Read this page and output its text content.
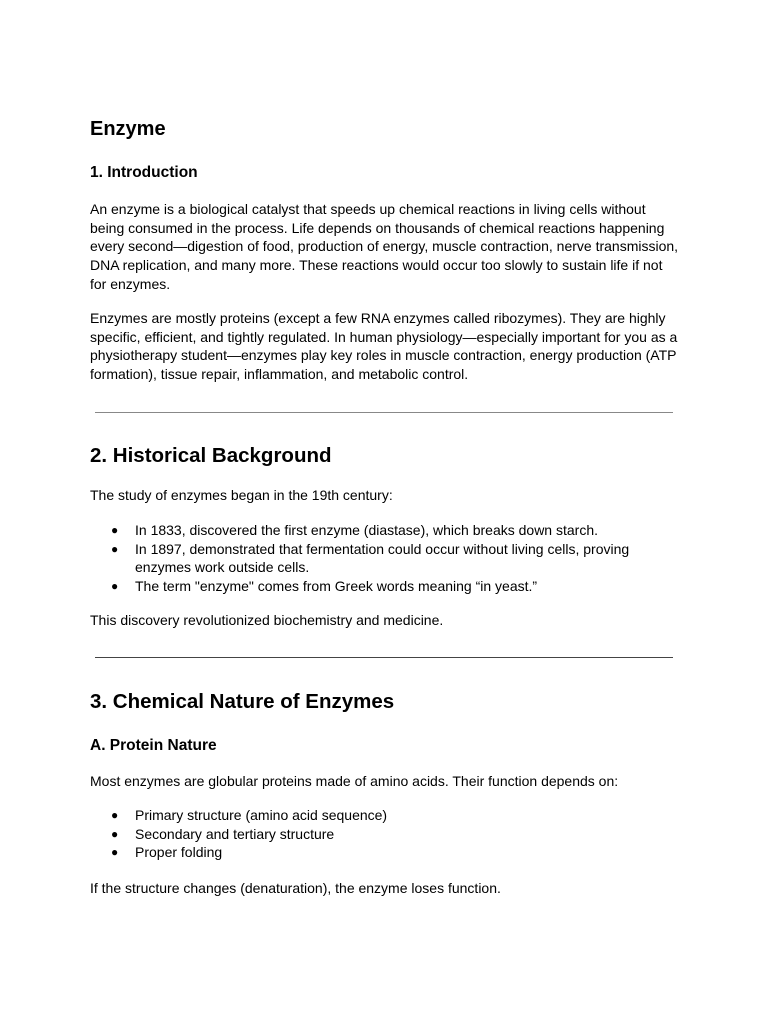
Enzyme
1. Introduction

An enzyme is a biological catalyst that speeds up chemical reactions in living cells without being consumed in the process. Life depends on thousands of chemical reactions happening every second—digestion of food, production of energy, muscle contraction, nerve transmission, DNA replication, and many more. These reactions would occur too slowly to sustain life if not for enzymes.

Enzymes are mostly proteins (except a few RNA enzymes called ribozymes). They are highly specific, efficient, and tightly regulated. In human physiology—especially important for you as a physiotherapy student—enzymes play key roles in muscle contraction, energy production (ATP formation), tissue repair, inflammation, and metabolic control.

2. Historical Background

The study of enzymes began in the 19th century:

● In 1833, discovered the first enzyme (diastase), which breaks down starch.
● In 1897, demonstrated that fermentation could occur without living cells, proving enzymes work outside cells.
● The term "enzyme" comes from Greek words meaning “in yeast.”

This discovery revolutionized biochemistry and medicine.

3. Chemical Nature of Enzymes
A. Protein Nature

Most enzymes are globular proteins made of amino acids. Their function depends on:

● Primary structure (amino acid sequence)
● Secondary and tertiary structure
● Proper folding

If the structure changes (denaturation), the enzyme loses function.
